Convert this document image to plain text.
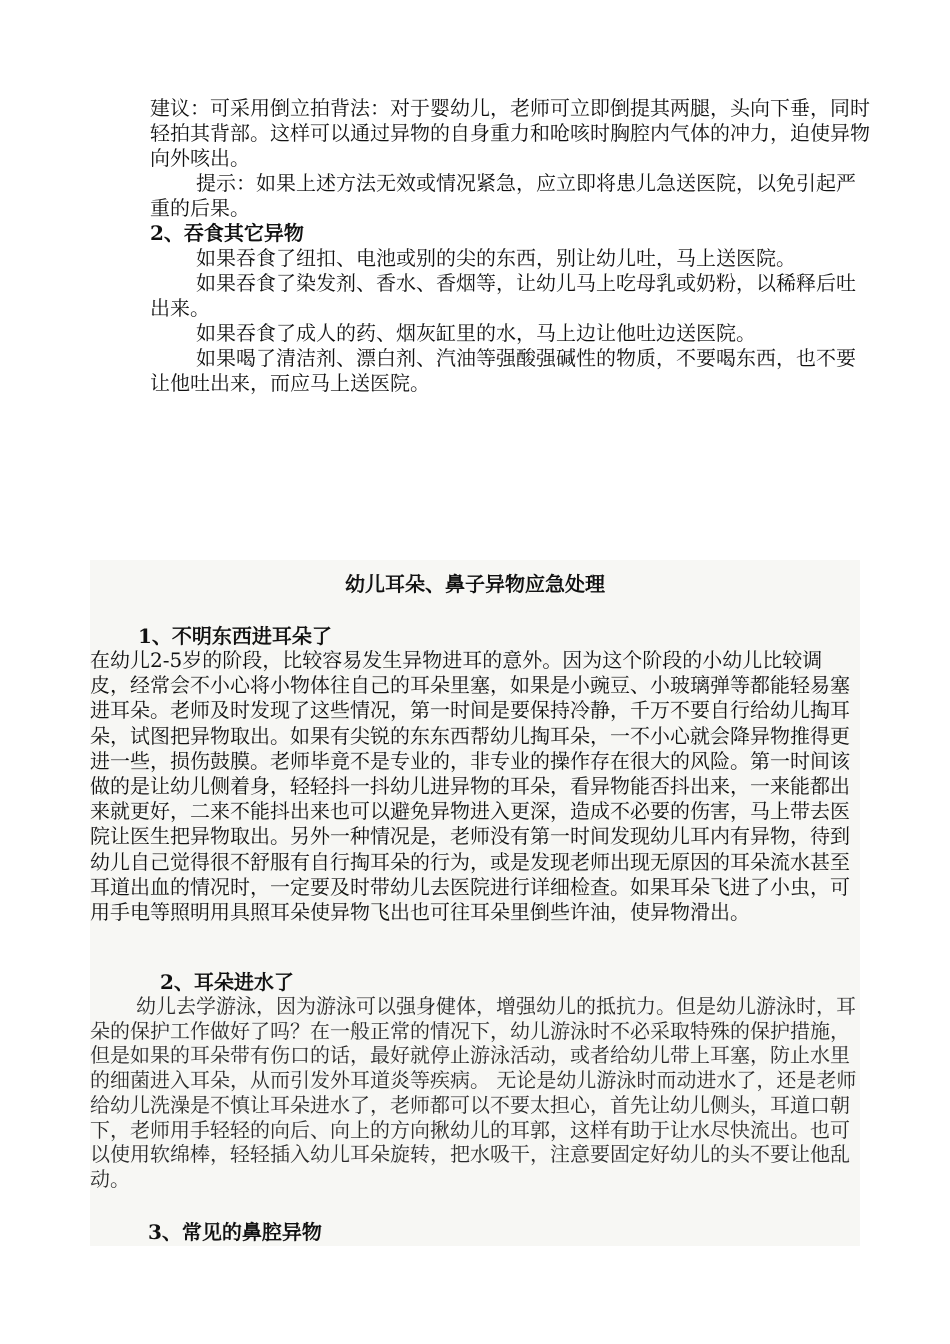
建议：可采用倒立拍背法：对于婴幼儿，老师可立即倒提其两腿，头向下垂，同时轻拍其背部。这样可以通过异物的自身重力和呛咳时胸腔内气体的冲力，迫使异物向外咳出。

提示：如果上述方法无效或情况紧急，应立即将患儿急送医院，以免引起严重的后果。

2、吞食其它异物

如果吞食了纽扣、电池或别的尖的东西，别让幼儿吐，马上送医院。

如果吞食了染发剂、香水、香烟等，让幼儿马上吃母乳或奶粉，以稀释后吐出来。

如果吞食了成人的药、烟灰缸里的水，马上边让他吐边送医院。

如果喝了清洁剂、漂白剂、汽油等强酸强碱性的物质，不要喝东西，也不要让他吐出来，而应马上送医院。

幼儿耳朵、鼻子异物应急处理
1、不明东西进耳朵了

在幼儿2-5岁的阶段，比较容易发生异物进耳的意外。因为这个阶段的小幼儿比较调皮，经常会不小心将小物体往自己的耳朵里塞，如果是小豌豆、小玻璃弹等都能轻易塞进耳朵。老师及时发现了这些情况，第一时间是要保持冷静，千万不要自行给幼儿掏耳朵，试图把异物取出。如果有尖锐的东东西帮幼儿掏耳朵，一不小心就会降异物推得更进一些，损伤鼓膜。老师毕竟不是专业的，非专业的操作存在很大的风险。第一时间该做的是让幼儿侧着身，轻轻抖一抖幼儿进异物的耳朵，看异物能否抖出来，一来能都出来就更好，二来不能抖出来也可以避免异物进入更深，造成不必要的伤害，马上带去医院让医生把异物取出。另外一种情况是，老师没有第一时间发现幼儿耳内有异物，待到幼儿自己觉得很不舒服有自行掏耳朵的行为，或是发现老师出现无原因的耳朵流水甚至耳道出血的情况时，一定要及时带幼儿去医院进行详细检查。如果耳朵飞进了小虫，可用手电等照明用具照耳朵使异物飞出也可往耳朵里倒些许油，使异物滑出。

2、耳朵进水了

幼儿去学游泳，因为游泳可以强身健体，增强幼儿的抵抗力。但是幼儿游泳时，耳朵的保护工作做好了吗？在一般正常的情况下，幼儿游泳时不必采取特殊的保护措施，但是如果的耳朵带有伤口的话，最好就停止游泳活动，或者给幼儿带上耳塞，防止水里的细菌进入耳朵，从而引发外耳道炎等疾病。 无论是幼儿游泳时而动进水了，还是老师给幼儿洗澡是不慎让耳朵进水了，老师都可以不要太担心，首先让幼儿侧头，耳道口朝下，老师用手轻轻的向后、向上的方向揪幼儿的耳郭，这样有助于让水尽快流出。也可以使用软绵棒，轻轻插入幼儿耳朵旋转，把水吸干，注意要固定好幼儿的头不要让他乱动。

3、常见的鼻腔异物
